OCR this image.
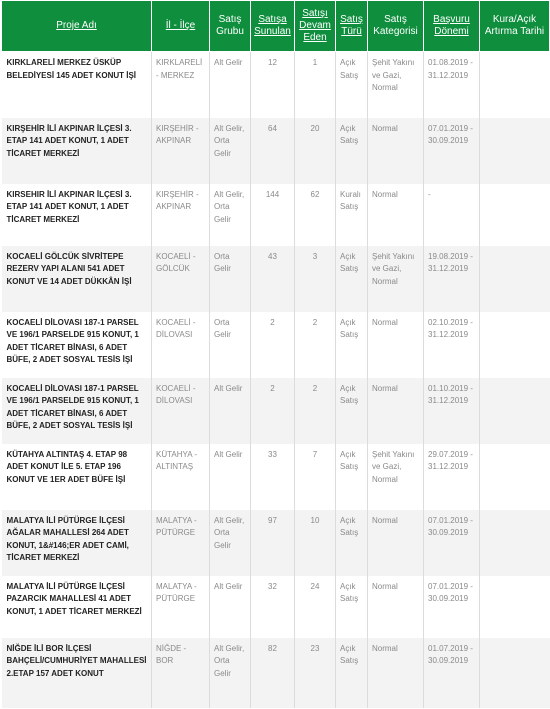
Proje Adı	İl - İlçe	Satış Grubu	Satışa Sunulan	Satışı Devam Eden	Satış Türü	Satış Kategorisi	Başvuru Dönemi	Kura/Açık Artırma Tarihi
KIRKLARELİ MERKEZ ÜSKÜP BELEDİYESİ 145 ADET KONUT İŞİ	KIRKLARELİ - MERKEZ	Alt Gelir	12	1	Açık Satış	Şehit Yakını ve Gazi, Normal	01.08.2019 - 31.12.2019	
KIRŞEHİR İLİ AKPINAR İLÇESİ 3. ETAP 141 ADET KONUT, 1 ADET TİCARET MERKEZİ	KIRŞEHİR - AKPINAR	Alt Gelir, Orta Gelir	64	20	Açık Satış	Normal	07.01.2019 - 30.09.2019	
KIRSEHIR İLİ AKPINAR İLÇESİ 3. ETAP 141 ADET KONUT, 1 ADET TİCARET MERKEZİ	KIRŞEHİR - AKPINAR	Alt Gelir, Orta Gelir	144	62	Kuralı Satış	Normal	-	
KOCAELİ GÖLCÜK SİVRİTEPE REZERV YAPI ALANI 541 ADET KONUT VE 14 ADET DÜKKÂN İŞİ	KOCAELİ - GÖLCÜK	Orta Gelir	43	3	Açık Satış	Şehit Yakını ve Gazi, Normal	19.08.2019 - 31.12.2019	
KOCAELİ DİLOVASI 187-1 PARSEL VE 196/1 PARSELDE 915 KONUT, 1 ADET TİCARET BİNASI, 6 ADET BÜFE, 2 ADET SOSYAL TESİS İŞİ	KOCAELİ - DİLOVASI	Orta Gelir	2	2	Açık Satış	Normal	02.10.2019 - 31.12.2019	
KOCAELİ DİLOVASI 187-1 PARSEL VE 196/1 PARSELDE 915 KONUT, 1 ADET TİCARET BİNASI, 6 ADET BÜFE, 2 ADET SOSYAL TESİS İŞİ	KOCAELİ - DİLOVASI	Alt Gelir	2	2	Açık Satış	Normal	01.10.2019 - 31.12.2019	
KÜTAHYA ALTINTAŞ 4. ETAP 98 ADET KONUT İLE 5. ETAP 196 KONUT VE 1ER ADET BÜFE İŞİ	KÜTAHYA - ALTINTAŞ	Alt Gelir	33	7	Açık Satış	Şehit Yakını ve Gazi, Normal	29.07.2019 - 31.12.2019	
MALATYA İLİ PÜTÜRGE İLÇESİ AĞALAR MAHALLESİ 264 ADET KONUT, 1&#146;ER ADET CAMİ, TİCARET MERKEZİ	MALATYA - PÜTÜRGE	Alt Gelir, Orta Gelir	97	10	Açık Satış	Normal	07.01.2019 - 30.09.2019	
MALATYA İLİ PÜTÜRGE İLÇESİ PAZARCIK MAHALLESİ 41 ADET KONUT, 1 ADET TİCARET MERKEZİ	MALATYA - PÜTÜRGE	Alt Gelir	32	24	Açık Satış	Normal	07.01.2019 - 30.09.2019	
NİĞDE İLİ BOR İLÇESİ BAHÇELİ/CUMHURİYET MAHALLESİ 2.ETAP 157 ADET KONUT	NİĞDE - BOR	Alt Gelir, Orta Gelir	82	23	Açık Satış	Normal	01.07.2019 - 30.09.2019	
